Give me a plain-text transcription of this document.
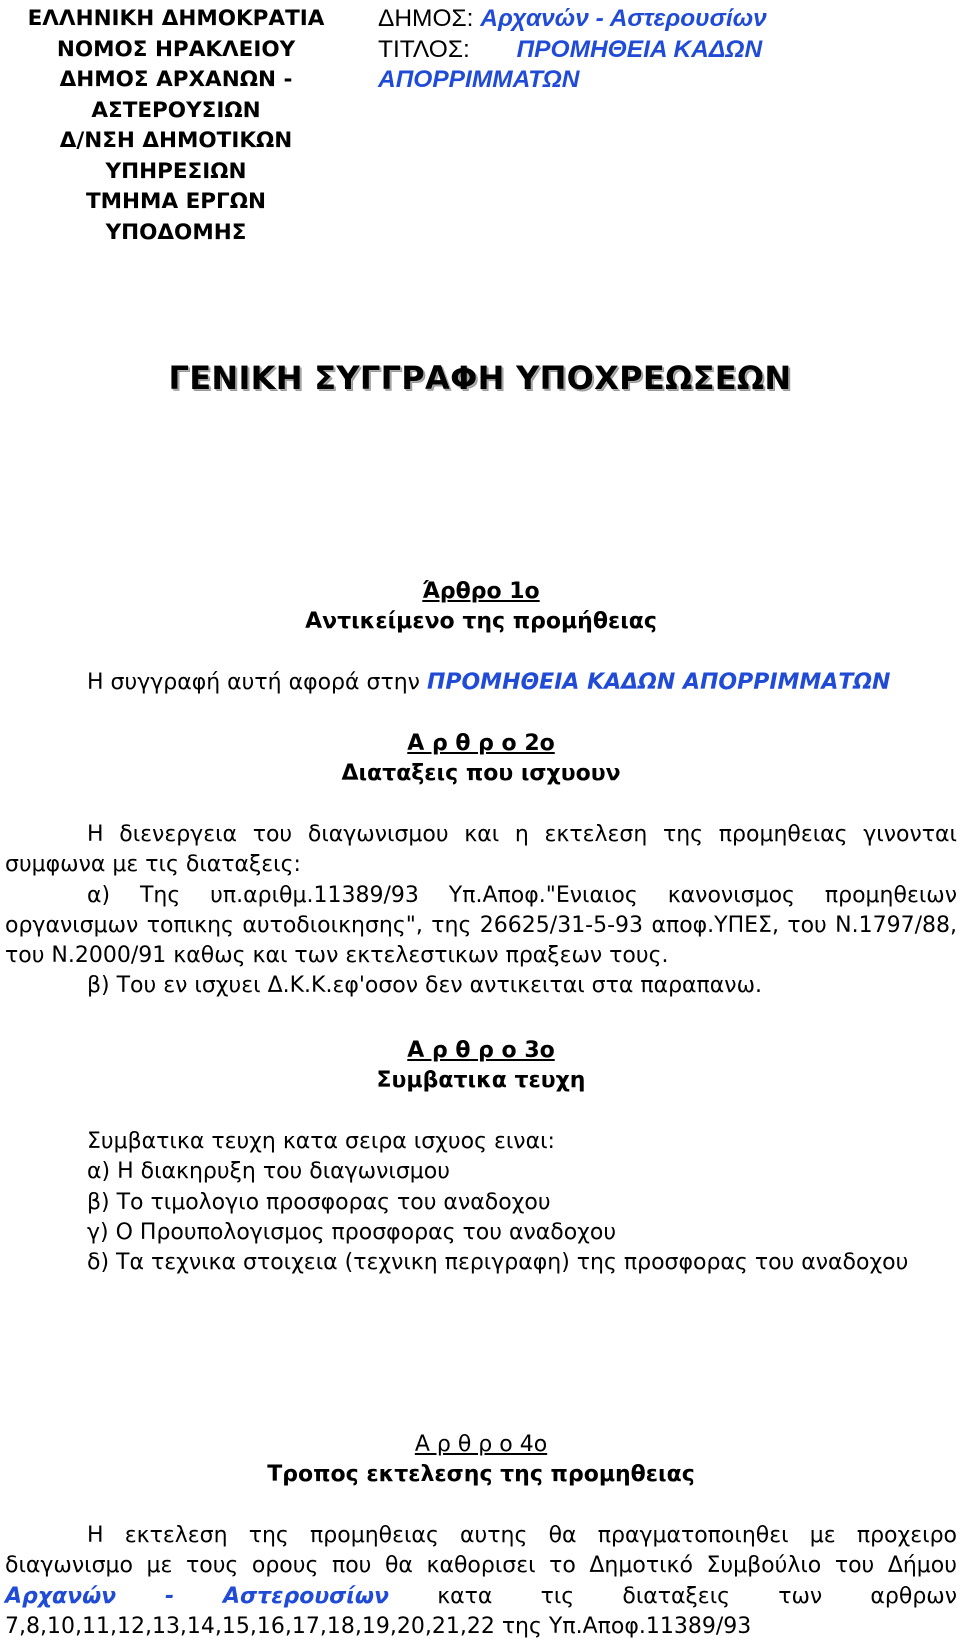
ΕΛΛΗΝΙΚΗ ΔΗΜΟΚΡΑΤΙΑ
ΝΟΜΟΣ ΗΡΑΚΛΕΙΟΥ
ΔΗΜΟΣ ΑΡΧΑΝΩΝ -
ΑΣΤΕΡΟΥΣΙΩΝ
Δ/ΝΣΗ ΔΗΜΟΤΙΚΩΝ
ΥΠΗΡΕΣΙΩΝ
ΤΜΗΜΑ ΕΡΓΩΝ
ΥΠΟΔΟΜΗΣ
ΔΗΜΟΣ: Αρχανών - Αστερουσίων
ΤΙΤΛΟΣ: ΠΡΟΜΗΘΕΙΑ ΚΑΔΩΝ
ΑΠΟΡΡΙΜΜΑΤΩΝ
ΓΕΝΙΚΗ ΣΥΓΓΡΑΦΗ ΥΠΟΧΡΕΩΣΕΩΝ

Άρθρο 1ο

Αντικείμενο της προμήθειας

Η συγγραφή αυτή αφορά στην ΠΡΟΜΗΘΕΙΑ ΚΑΔΩΝ ΑΠΟΡΡΙΜΜΑΤΩΝ

Α ρ θ ρ ο 2ο

Διαταξεις που ισχυουν

Η διενεργεια του διαγωνισμου και η εκτελεση της προμηθειας γινονται

συμφωνα με τις διαταξεις:

α) Της υπ.αριθμ.11389/93 Υπ.Αποφ."Ενιαιος κανονισμος προμηθειων

οργανισμων τοπικης αυτοδιοικησης", της 26625/31-5-93 αποφ.ΥΠΕΣ, του Ν.1797/88,

του Ν.2000/91 καθως και των εκτελεστικων πραξεων τους.

β) Του εν ισχυει Δ.Κ.Κ.εφ'οσον δεν αντικειται στα παραπανω.

Α ρ θ ρ ο 3ο

Συμβατικα τευχη

Συμβατικα τευχη κατα σειρα ισχυος ειναι:

α) Η διακηρυξη του διαγωνισμου

β) Το τιμολογιο προσφορας του αναδοχου

γ) Ο Προυπολογισμος προσφορας του αναδοχου

δ) Τα τεχνικα στοιχεια (τεχνικη περιγραφη) της προσφορας του αναδοχου

Α ρ θ ρ ο 4ο

Τροπος εκτελεσης της προμηθειας

Η εκτελεση της προμηθειας αυτης θα πραγματοποιηθει με προχειρο

διαγωνισμο με τους ορους που θα καθορισει το Δημοτικό Συμβούλιο του Δήμου

Αρχανών - Αστερουσίων κατα τις διαταξεις των αρθρων

7,8,10,11,12,13,14,15,16,17,18,19,20,21,22 της Υπ.Αποφ.11389/93
